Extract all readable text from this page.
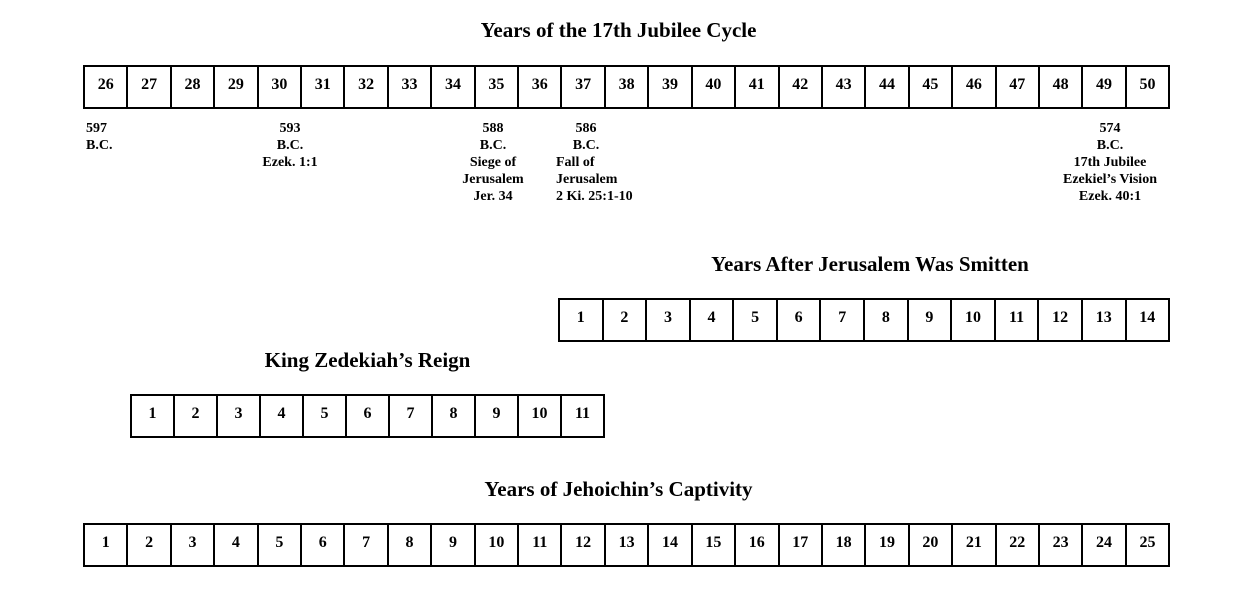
Years of the 17th Jubilee Cycle
26	27	28	29	30	31	32	33	34	35	36	37	38	39	40	41	42	43	44	45	46	47	48	49	50
597
B.C.
593
B.C.
Ezek. 1:1
588
B.C.
Siege of
Jerusalem
Jer. 34
586
B.C.
Fall of
Jerusalem
2 Ki. 25:1-10
574
B.C.
17th Jubilee
Ezekiel’s Vision
Ezek. 40:1
Years After Jerusalem Was Smitten
1	2	3	4	5	6	7	8	9	10	11	12	13	14
King Zedekiah’s Reign
1	2	3	4	5	6	7	8	9	10	11
Years of Jehoichin’s Captivity
1	2	3	4	5	6	7	8	9	10	11	12	13	14	15	16	17	18	19	20	21	22	23	24	25
